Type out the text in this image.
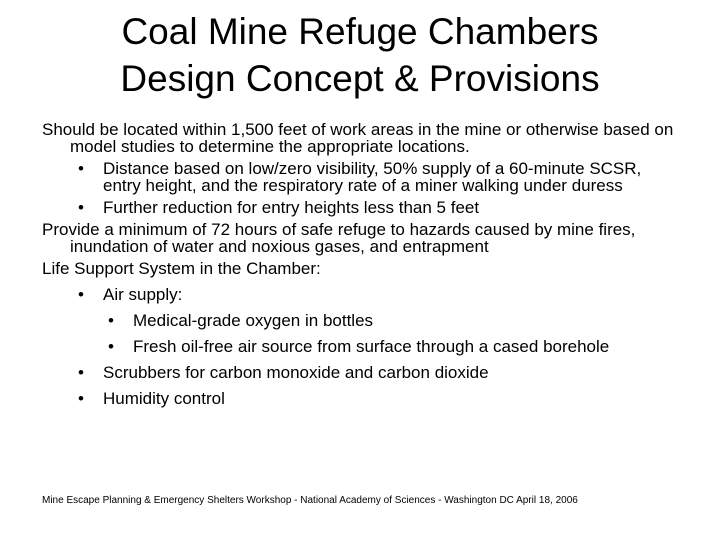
Coal Mine Refuge Chambers
Design Concept & Provisions
Should be located within 1,500 feet of work areas in the mine or otherwise based on model studies to determine the appropriate locations.
• Distance based on low/zero visibility, 50% supply of a 60-minute SCSR, entry height, and the respiratory rate of a miner walking under duress
• Further reduction for entry heights less than 5 feet
Provide a minimum of 72 hours of safe refuge to hazards caused by mine fires, inundation of water and noxious gases, and entrapment
Life Support System in the Chamber:
• Air supply:
• Medical-grade oxygen in bottles
• Fresh oil-free air source from surface through a cased borehole
• Scrubbers for carbon monoxide and carbon dioxide
• Humidity control
Mine Escape Planning & Emergency Shelters Workshop - National Academy of Sciences - Washington DC April 18, 2006
